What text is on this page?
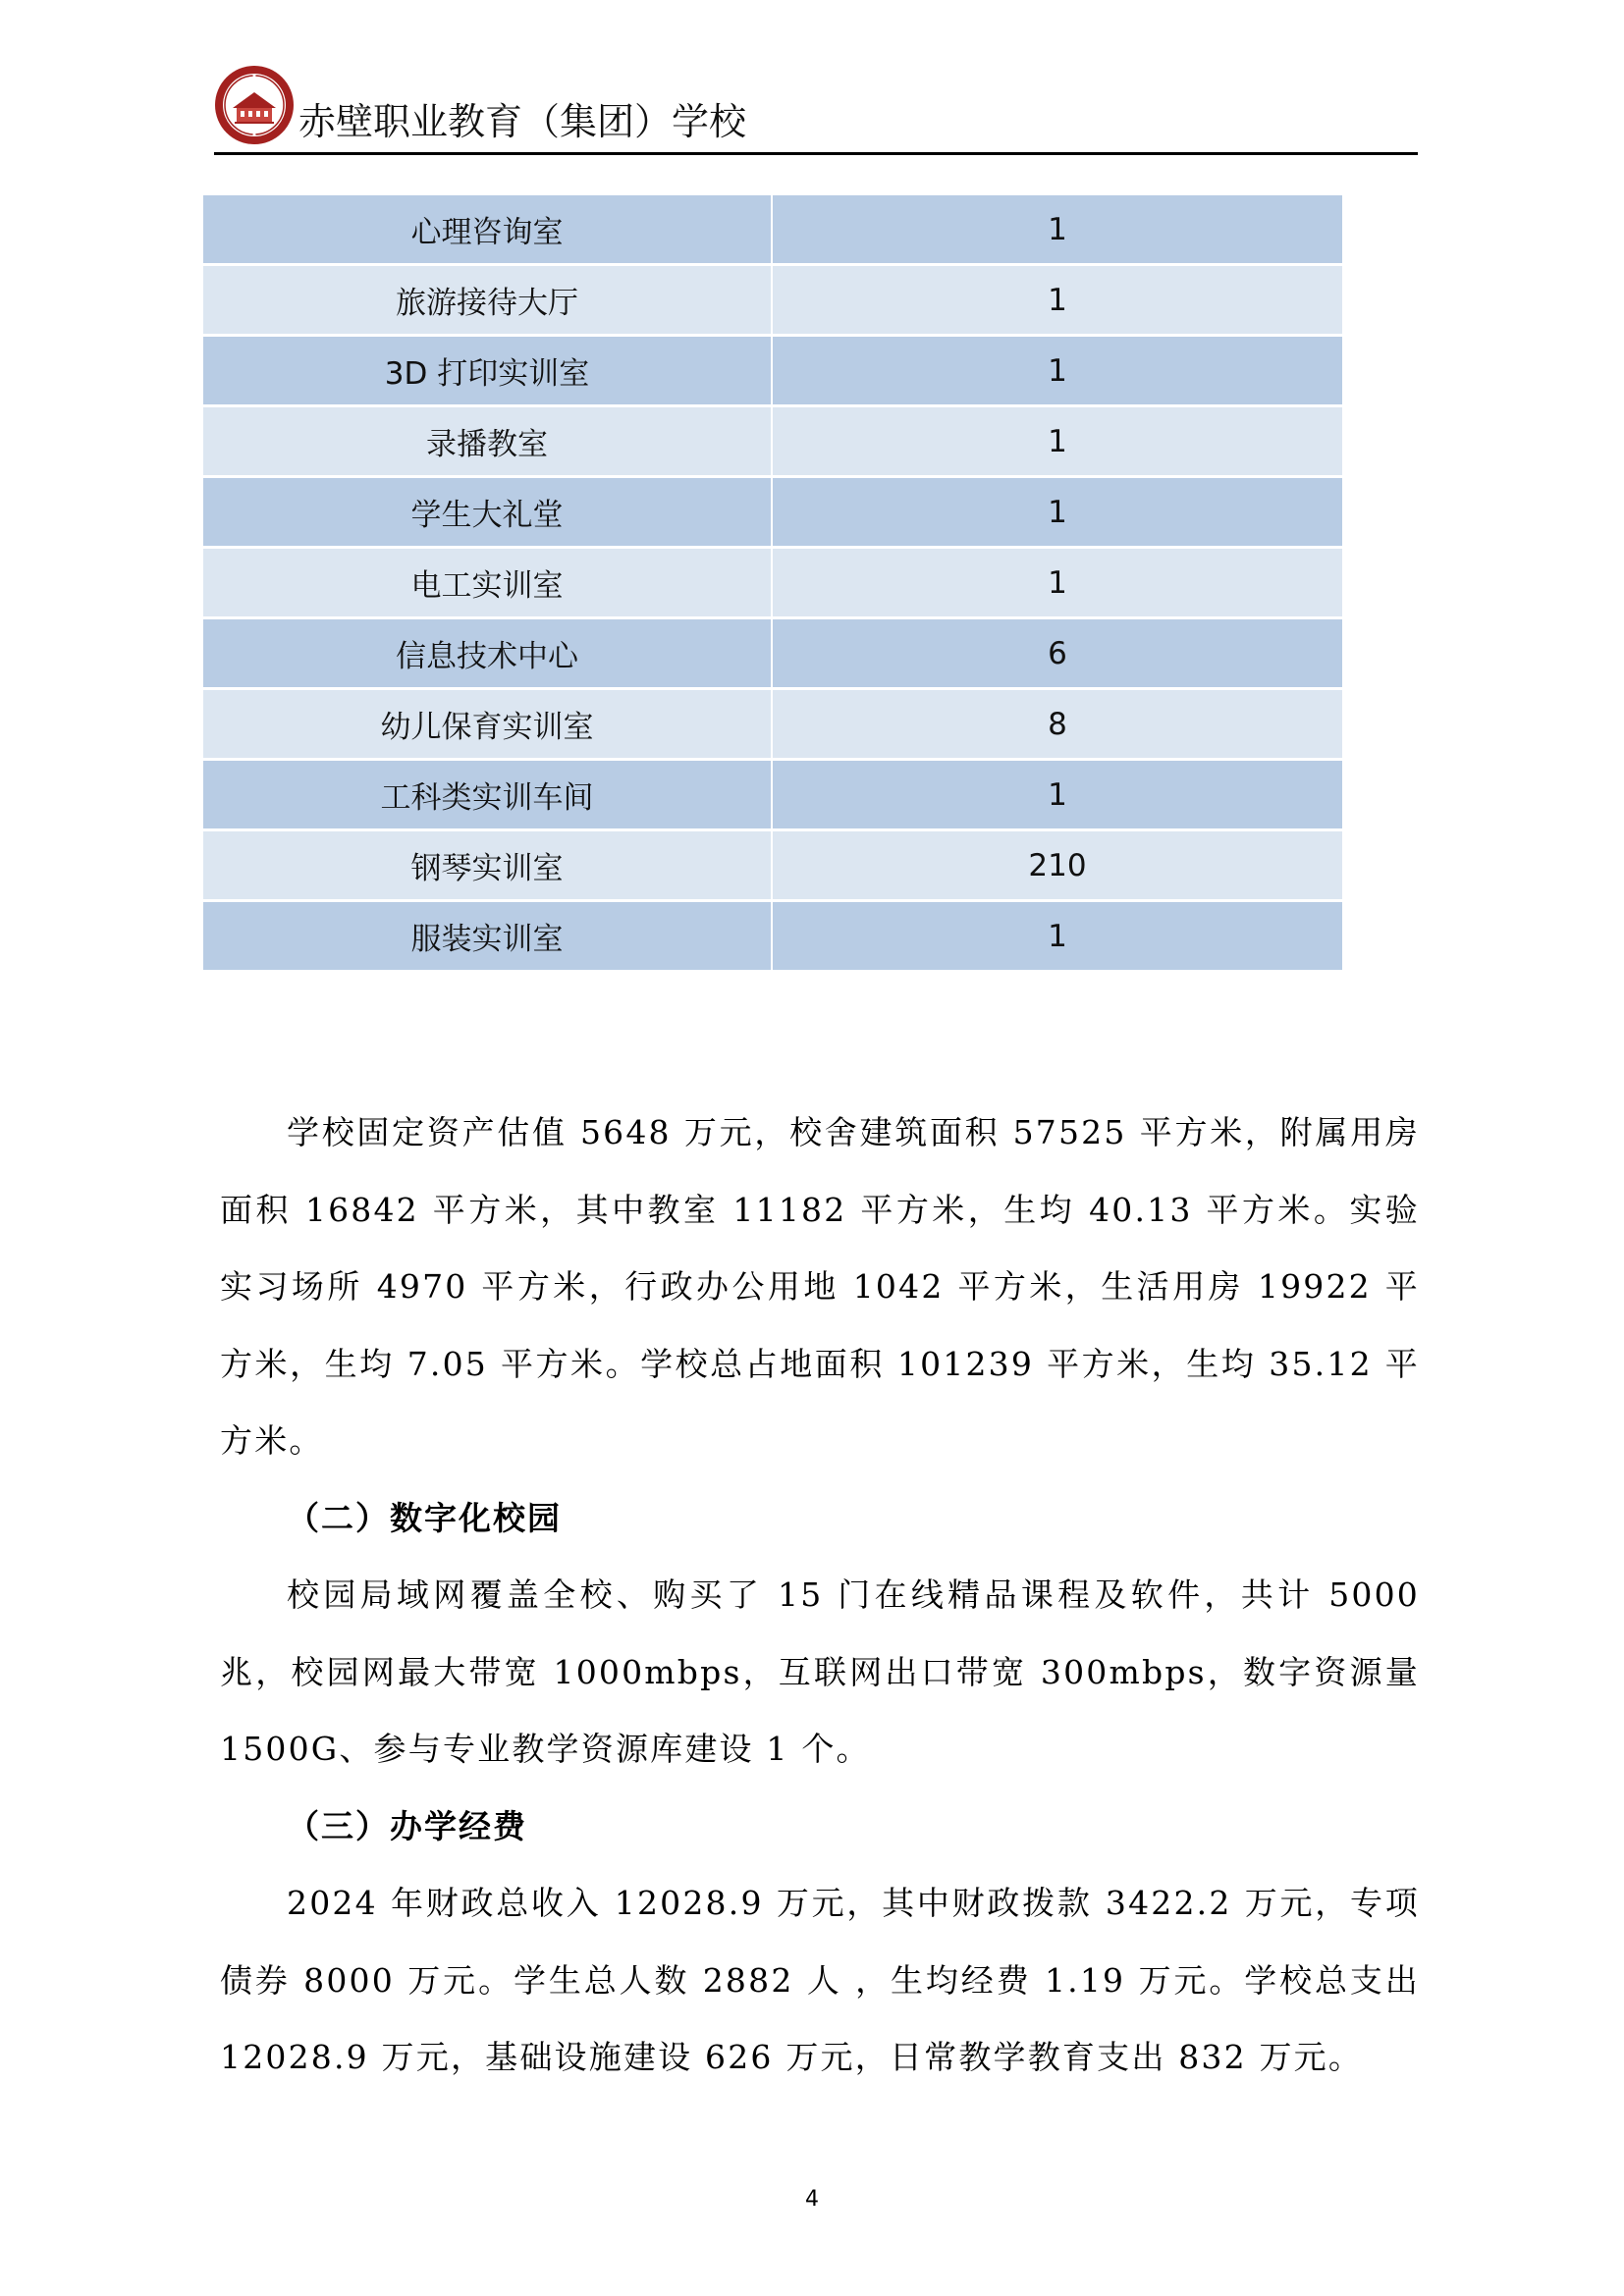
赤壁职业教育（集团）学校
心理咨询室	1
旅游接待大厅	1
3D 打印实训室	1
录播教室	1
学生大礼堂	1
电工实训室	1
信息技术中心	6
幼儿保育实训室	8
工科类实训车间	1
钢琴实训室	210
服装实训室	1

学校固定资产估值 5648 万元，校舍建筑面积 57525 平方米，附属用房面积 16842 平方米，其中教室 11182 平方米，生均 40.13 平方米。实验实习场所 4970 平方米，行政办公用地 1042 平方米，生活用房 19922 平方米，生均 7.05 平方米。学校总占地面积 101239 平方米，生均 35.12 平方米。

（二）数字化校园

校园局域网覆盖全校、购买了 15 门在线精品课程及软件，共计 5000 兆，校园网最大带宽 1000mbps，互联网出口带宽 300mbps，数字资源量 1500G、参与专业教学资源库建设 1 个。

（三）办学经费

2024 年财政总收入 12028.9 万元，其中财政拨款 3422.2 万元，专项债券 8000 万元。学生总人数 2882 人 ，生均经费 1.19 万元。学校总支出 12028.9 万元，基础设施建设 626 万元，日常教学教育支出 832 万元。

4
